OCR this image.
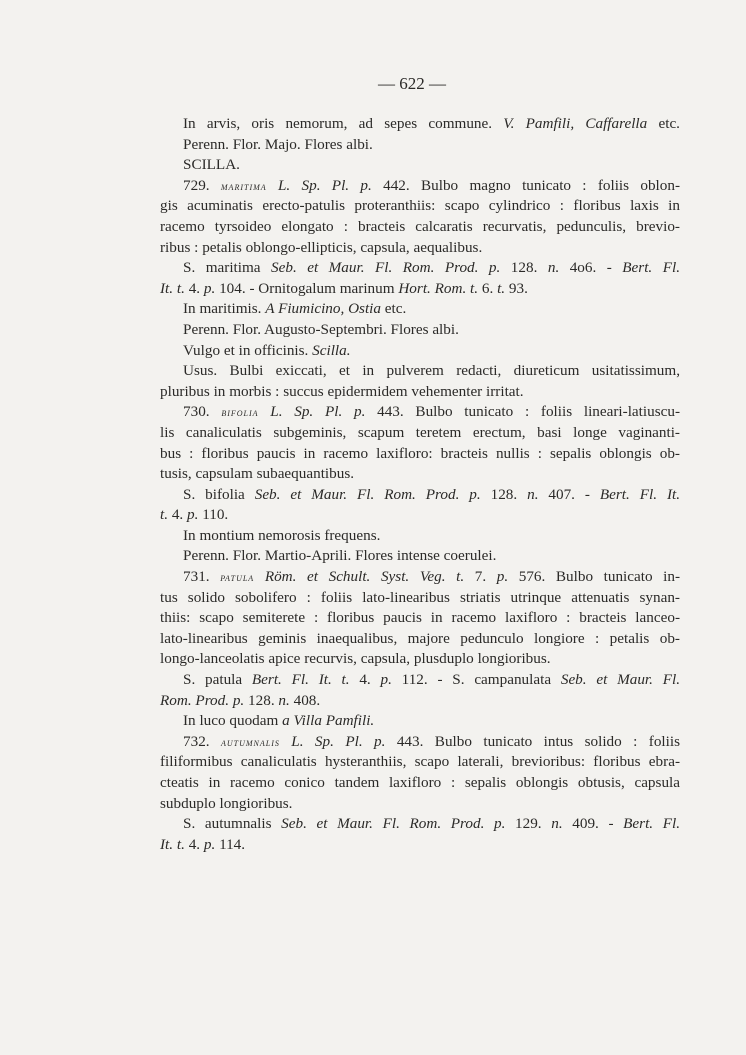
— 622 —
In arvis, oris nemorum, ad sepes commune. V. Pamfili, Caffarella etc.
Perenn. Flor. Majo. Flores albi.
SCILLA.
729. maritima L. Sp. Pl. p. 442. Bulbo magno tunicato : foliis oblon-
gis acuminatis erecto-patulis proteranthiis: scapo cylindrico : floribus laxis in
racemo tyrsoideo elongato : bracteis calcaratis recurvatis, pedunculis, brevio-
ribus : petalis oblongo-ellipticis, capsula, aequalibus.
S. maritima Seb. et Maur. Fl. Rom. Prod. p. 128. n. 4o6. - Bert. Fl.
It. t. 4. p. 104. - Ornitogalum marinum Hort. Rom. t. 6. t. 93.
In maritimis. A Fiumicino, Ostia etc.
Perenn. Flor. Augusto-Septembri. Flores albi.
Vulgo et in officinis. Scilla.
Usus. Bulbi exiccati, et in pulverem redacti, diureticum usitatissimum,
pluribus in morbis : succus epidermidem vehementer irritat.
730. bifolia L. Sp. Pl. p. 443. Bulbo tunicato : foliis lineari-latiuscu-
lis canaliculatis subgeminis, scapum teretem erectum, basi longe vaginanti-
bus : floribus paucis in racemo laxifloro: bracteis nullis : sepalis oblongis ob-
tusis, capsulam subaequantibus.
S. bifolia Seb. et Maur. Fl. Rom. Prod. p. 128. n. 407. - Bert. Fl. It.
t. 4. p. 110.
In montium nemorosis frequens.
Perenn. Flor. Martio-Aprili. Flores intense coerulei.
731. patula Röm. et Schult. Syst. Veg. t. 7. p. 576. Bulbo tunicato in-
tus solido sobolifero : foliis lato-linearibus striatis utrinque attenuatis synan-
thiis: scapo semiterete : floribus paucis in racemo laxifloro : bracteis lanceo-
lato-linearibus geminis inaequalibus, majore pedunculo longiore : petalis ob-
longo-lanceolatis apice recurvis, capsula, plusduplo longioribus.
S. patula Bert. Fl. It. t. 4. p. 112. - S. campanulata Seb. et Maur. Fl.
Rom. Prod. p. 128. n. 408.
In luco quodam a Villa Pamfili.
732. autumnalis L. Sp. Pl. p. 443. Bulbo tunicato intus solido : foliis
filiformibus canaliculatis hysteranthiis, scapo laterali, brevioribus: floribus ebra-
cteatis in racemo conico tandem laxifloro : sepalis oblongis obtusis, capsula
subduplo longioribus.
S. autumnalis Seb. et Maur. Fl. Rom. Prod. p. 129. n. 409. - Bert. Fl.
It. t. 4. p. 114.
